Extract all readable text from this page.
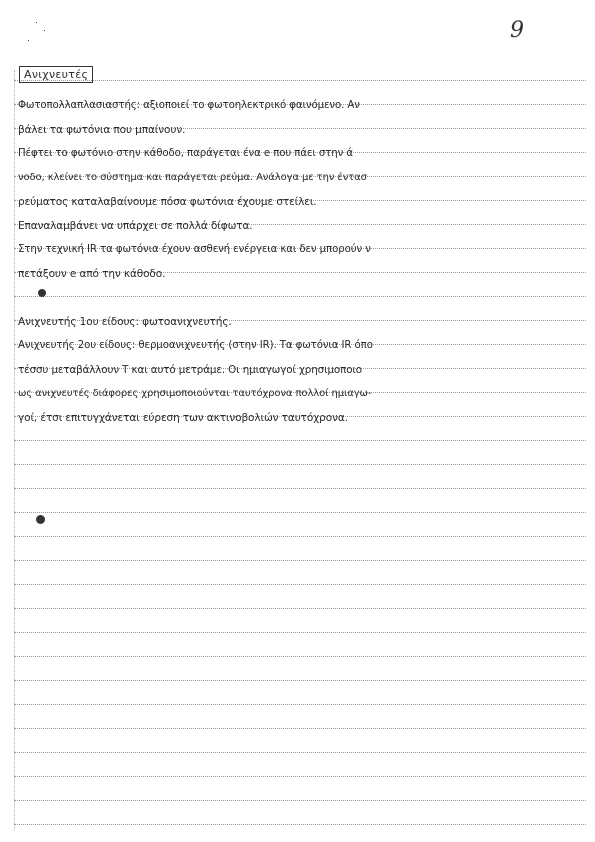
9
Ανιχνευτές
Φωτοπολλαπλασιαστής: αξιοποιεί το φωτοηλεκτρικό φαινόμενο. Αν
βάλει τα φωτόνια που μπαίνουν.
Πέφτει το φωτόνιο στην κάθοδο, παράγεται ένα e που πάει στην ά
νοδο, κλείνει το σύστημα και παράγεται ρεύμα. Ανάλογα με την έντασ
ρεύματος καταλαβαίνουμε πόσα φωτόνια έχουμε στείλει.
Επαναλαμβάνει να υπάρχει σε πολλά δίφωτα.
Στην τεχνική IR τα φωτόνια έχουν ασθενή ενέργεια και δεν μπορούν ν
πετάξουν e από την κάθοδο.
Ανιχνευτής 1ου είδους: φωτοανιχνευτής.
Ανιχνευτής 2ου είδους: θερμοανιχνευτής (στην IR). Τα φωτόνια IR όπο
τέσσυ μεταβάλλουν T και αυτό μετράμε. Οι ημιαγωγοί χρησιμοποιο
ως ανιχνευτές διάφορες χρησιμοποιούνται ταυτόχρονα πολλοί ημιαγω-
γοί, έτσι επιτυγχάνεται εύρεση των ακτινοβολιών ταυτόχρονα.
